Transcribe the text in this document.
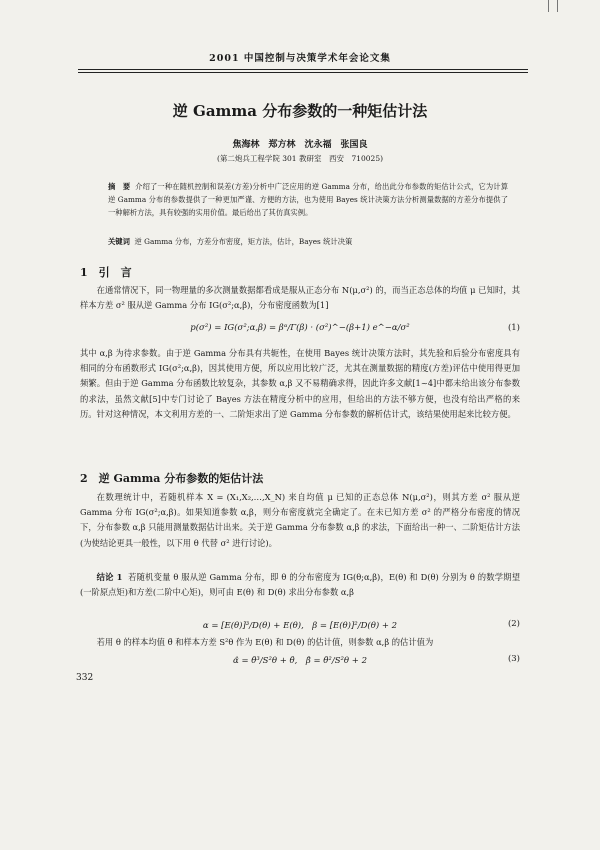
2001 中国控制与决策学术年会论文集
逆 Gamma 分布参数的一种矩估计法
焦海林　郑方林　沈永福　张国良
(第二炮兵工程学院 301 教研室　西安　710025)
摘　要 介绍了一种在随机控制和误差(方差)分析中广泛应用的逆 Gamma 分布，给出此分布参数的矩估计公式，它为计算逆 Gamma 分布的参数提供了一种更加严谨、方便的方法，也为使用 Bayes 统计决策方法分析测量数据的方差分布提供了一种解析方法，具有较强的实用价值。最后给出了其仿真实例。
关键词 逆 Gamma 分布，方差分布密度，矩方法，估计，Bayes 统计决策
1　引　言
在通常情况下，同一物理量的多次测量数据都看成是服从正态分布 N(μ,σ²) 的，而当正态总体的均值 μ 已知时，其样本方差 σ² 服从逆 Gamma 分布 IG(σ²;α,β)，分布密度函数为[1]
p(σ²) = IG(σ²;α,β) = βᵅ/Γ(β) · (σ²)^−(β+1) e^−α/σ²	(1)
其中 α,β 为待求参数。由于逆 Gamma 分布具有共轭性，在使用 Bayes 统计决策方法时，其先验和后验分布密度具有相同的分布函数形式 IG(σ²;α,β)，因其使用方便，所以应用比较广泛，尤其在测量数据的精度(方差)评估中使用得更加频繁。但由于逆 Gamma 分布函数比较复杂，其参数 α,β 又不易精确求得，因此许多文献[1~4]中都未给出该分布参数的求法，虽然文献[5]中专门讨论了 Bayes 方法在精度分析中的应用，但给出的方法不够方便，也没有给出严格的来历。针对这种情况，本文利用方差的一、二阶矩求出了逆 Gamma 分布参数的解析估计式，该结果使用起来比较方便。
2　逆 Gamma 分布参数的矩估计法
在数理统计中，若随机样本 X = (X₁,X₂,…,X_N) 来自均值 μ 已知的正态总体 N(μ,σ²)，则其方差 σ² 服从逆 Gamma 分布 IG(σ²;α,β)。如果知道参数 α,β，则分布密度就完全确定了。在未已知方差 σ² 的严格分布密度的情况下，分布参数 α,β 只能用测量数据估计出来。关于逆 Gamma 分布参数 α,β 的求法，下面给出一种一、二阶矩估计方法(为使结论更具一般性，以下用 θ 代替 σ² 进行讨论)。
结论 1 若随机变量 θ 服从逆 Gamma 分布，即 θ 的分布密度为 IG(θ;α,β)，E(θ) 和 D(θ) 分别为 θ 的数学期望(一阶原点矩)和方差(二阶中心矩)，则可由 E(θ) 和 D(θ) 求出分布参数 α,β
α = [E(θ)]³/D(θ) + E(θ),　β = [E(θ)]²/D(θ) + 2	(2)
若用 θ 的样本均值 θ̄ 和样本方差 S²θ 作为 E(θ) 和 D(θ) 的估计值，则参数 α,β 的估计值为
α̂ = θ̄³/S²θ + θ̄,　β̂ = θ̄²/S²θ + 2	(3)
332
